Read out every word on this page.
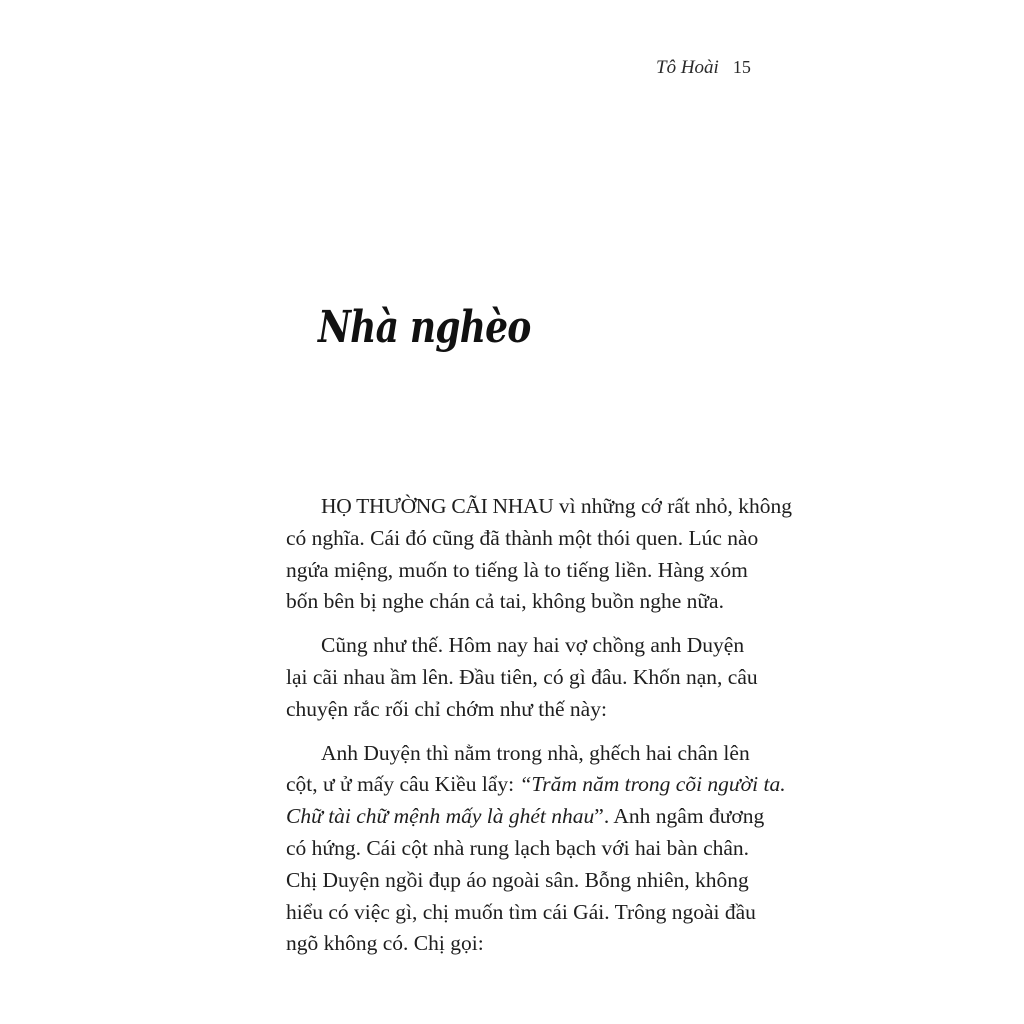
Tô Hoài 15
Nhà nghèo
HỌ THƯỜNG CÃI NHAU vì những cớ rất nhỏ, không
có nghĩa. Cái đó cũng đã thành một thói quen. Lúc nào
ngứa miệng, muốn to tiếng là to tiếng liền. Hàng xóm
bốn bên bị nghe chán cả tai, không buồn nghe nữa.
Cũng như thế. Hôm nay hai vợ chồng anh Duyện
lại cãi nhau ầm lên. Đầu tiên, có gì đâu. Khốn nạn, câu
chuyện rắc rối chỉ chớm như thế này:
Anh Duyện thì nằm trong nhà, ghếch hai chân lên
cột, ư ử mấy câu Kiều lẩy: “Trăm năm trong cõi người ta.
Chữ tài chữ mệnh mấy là ghét nhau”. Anh ngâm đương
có hứng. Cái cột nhà rung lạch bạch với hai bàn chân.
Chị Duyện ngồi đụp áo ngoài sân. Bỗng nhiên, không
hiểu có việc gì, chị muốn tìm cái Gái. Trông ngoài đầu
ngõ không có. Chị gọi:
